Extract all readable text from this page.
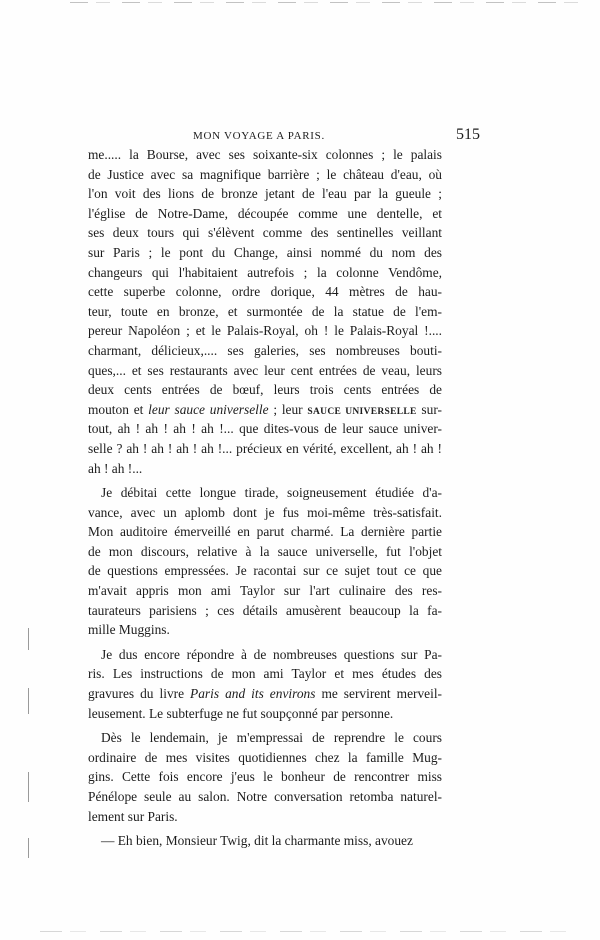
MON VOYAGE A PARIS.	515
me..... la Bourse, avec ses soixante-six colonnes ; le palais
de Justice avec sa magnifique barrière ; le château d'eau, où
l'on voit des lions de bronze jetant de l'eau par la gueule ;
l'église de Notre-Dame, découpée comme une dentelle, et
ses deux tours qui s'élèvent comme des sentinelles veillant
sur Paris ; le pont du Change, ainsi nommé du nom des
changeurs qui l'habitaient autrefois ; la colonne Vendôme,
cette superbe colonne, ordre dorique, 44 mètres de hau-
teur, toute en bronze, et surmontée de la statue de l'em-
pereur Napoléon ; et le Palais-Royal, oh ! le Palais-Royal !....
charmant, délicieux,.... ses galeries, ses nombreuses bouti-
ques,... et ses restaurants avec leur cent entrées de veau, leurs
deux cents entrées de bœuf, leurs trois cents entrées de
mouton et leur sauce universelle ; leur SAUCE UNIVERSELLE sur-
tout, ah ! ah ! ah ! ah !... que dites-vous de leur sauce univer-
selle ? ah ! ah ! ah ! ah !... précieux en vérité, excellent, ah ! ah !
ah ! ah !...
Je débitai cette longue tirade, soigneusement étudiée d'a-
vance, avec un aplomb dont je fus moi-même très-satisfait.
Mon auditoire émerveillé en parut charmé. La dernière partie
de mon discours, relative à la sauce universelle, fut l'objet
de questions empressées. Je racontai sur ce sujet tout ce que
m'avait appris mon ami Taylor sur l'art culinaire des res-
taurateurs parisiens ; ces détails amusèrent beaucoup la fa-
mille Muggins.
Je dus encore répondre à de nombreuses questions sur Pa-
ris. Les instructions de mon ami Taylor et mes études des
gravures du livre Paris and its environs me servirent merveil-
leusement. Le subterfuge ne fut soupçonné par personne.
Dès le lendemain, je m'empressai de reprendre le cours
ordinaire de mes visites quotidiennes chez la famille Mug-
gins. Cette fois encore j'eus le bonheur de rencontrer miss
Pénélope seule au salon. Notre conversation retomba naturel-
lement sur Paris.
— Eh bien, Monsieur Twig, dit la charmante miss, avouez
